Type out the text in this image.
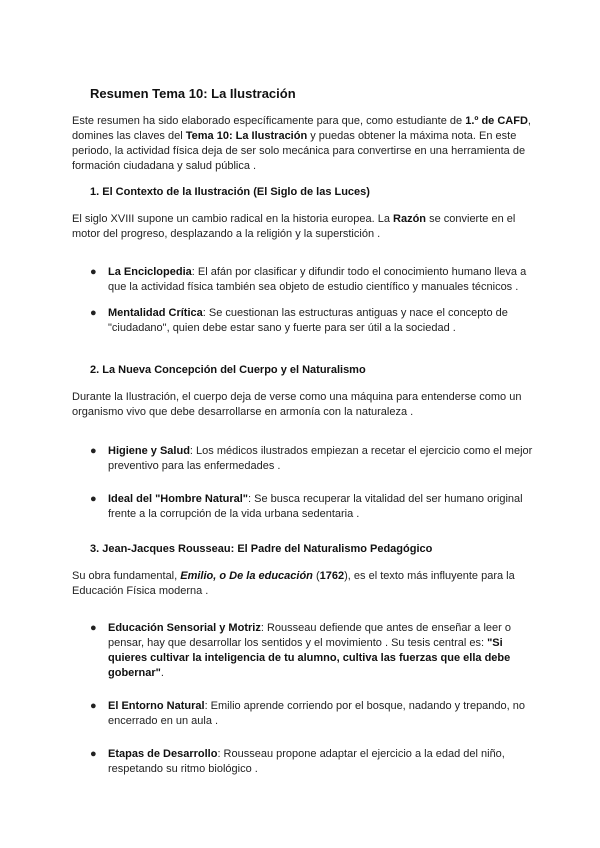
Resumen Tema 10: La Ilustración
Este resumen ha sido elaborado específicamente para que, como estudiante de 1.º de CAFD, domines las claves del Tema 10: La Ilustración y puedas obtener la máxima nota. En este periodo, la actividad física deja de ser solo mecánica para convertirse en una herramienta de formación ciudadana y salud pública .
1. El Contexto de la Ilustración (El Siglo de las Luces)
El siglo XVIII supone un cambio radical en la historia europea. La Razón se convierte en el motor del progreso, desplazando a la religión y la superstición .
● La Enciclopedia: El afán por clasificar y difundir todo el conocimiento humano lleva a que la actividad física también sea objeto de estudio científico y manuales técnicos .
● Mentalidad Crítica: Se cuestionan las estructuras antiguas y nace el concepto de "ciudadano", quien debe estar sano y fuerte para ser útil a la sociedad .
2. La Nueva Concepción del Cuerpo y el Naturalismo
Durante la Ilustración, el cuerpo deja de verse como una máquina para entenderse como un organismo vivo que debe desarrollarse en armonía con la naturaleza .
● Higiene y Salud: Los médicos ilustrados empiezan a recetar el ejercicio como el mejor preventivo para las enfermedades .
● Ideal del "Hombre Natural": Se busca recuperar la vitalidad del ser humano original frente a la corrupción de la vida urbana sedentaria .
3. Jean-Jacques Rousseau: El Padre del Naturalismo Pedagógico
Su obra fundamental, Emilio, o De la educación (1762), es el texto más influyente para la Educación Física moderna .
● Educación Sensorial y Motriz: Rousseau defiende que antes de enseñar a leer o pensar, hay que desarrollar los sentidos y el movimiento . Su tesis central es: "Si quieres cultivar la inteligencia de tu alumno, cultiva las fuerzas que ella debe gobernar".
● El Entorno Natural: Emilio aprende corriendo por el bosque, nadando y trepando, no encerrado en un aula .
● Etapas de Desarrollo: Rousseau propone adaptar el ejercicio a la edad del niño, respetando su ritmo biológico .
